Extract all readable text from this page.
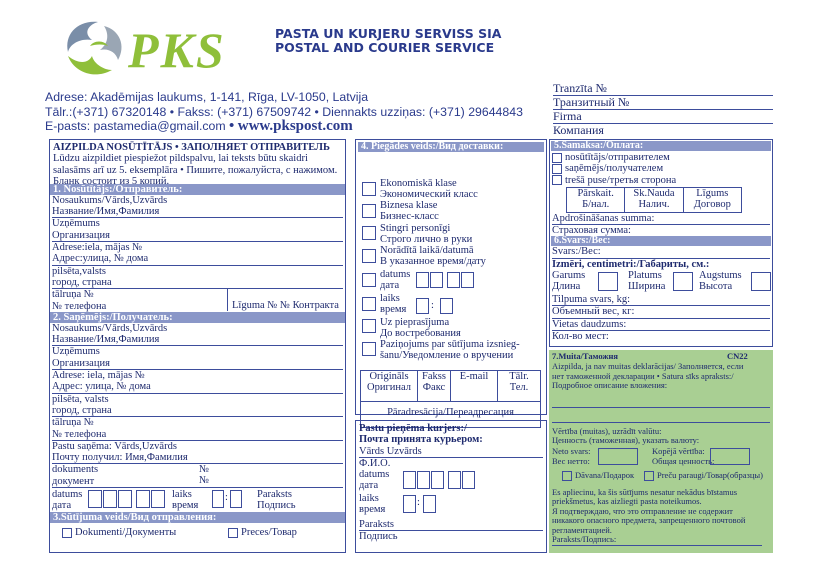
PKS	PASTA UN KURJERU SERVISS SIA
POSTAL AND COURIER SERVICE
Adrese: Akadēmijas laukums, 1-141, Rīga, LV-1050, Latvija
Tālr.:(+371) 67320148 • Fakss: (+371) 67509742 • Diennakts uzziņas: (+371) 29644843
E-pasts: pastamedia@gmail.com • www.pkspost.com
Tranzīta №
Транзитный №
Firma
Компания
AIZPILDA NOSŪTĪTĀJS • ЗАПОЛНЯЕТ ОТПРАВИТЕЛЬ
Lūdzu aizpildiet piespiežot pildspalvu, lai teksts būtu skaidri
salasāms arī uz 5. eksemplāra • Пишите, пожалуйста, с нажимом.
Бланк состоит из 5 копий.
1. Nosūtītājs:/Отправитель:
Nosaukums/Vārds,Uzvārds
Название/Имя,Фамилия
Uzņēmums
Организация
Adrese:iela, mājas №
Адрес:улица, № дома
pilsēta,valsts
город, страна
tālruņa №
№ телефона	Līguma № № Контракта
2. Saņēmējs:/Получатель:
Nosaukums/Vārds,Uzvārds
Название/Имя,Фамилия
Uzņēmums
Организация
Adrese: iela, mājas №
Адрес: улица, № дома
pilsēta, valsts
город, страна
tālruņa №
№ телефона
Pastu saņēma: Vārds,Uzvārds
Почту получил: Имя,Фамилия
dokuments
документ
№
№
datums
дата
laiks
время
:	Paraksts
Подпись
3.Sūtījuma veids/Вид отправления:
Dokumenti/Документы	Preces/Товар
4. Piegādes veids:/Вид доставки:
Ekonomiskā klase
Экономический класс
Biznesa klase
Бизнес-класс
Stingri personīgi
Строго лично в руки
Norādītā laikā/datumā
В указанное время/дату
datums
дата
laiks
время :
Uz pieprasījuma
До востребования
Paziņojums par sūtījuma izsnieg-
šanu/Уведомление о вручении
Origināls
Оригинал
Fakss
Факс
E-mail	Tālr.
Тел.
Pāradresācija/Переадресация
Pastu pieņēma kurjers:/
Почта принята курьером:
Vārds Uzvārds
Ф.И.О.
datums
дата
laiks
время
:
Paraksts
Подпись
5.Samaksa:/Оплата:
nosūtītājs/отправителем
saņēmējs/получателем
trešā puse/третья сторона
Pārskait.
Б/нал.
Sk.Nauda
Налич.
Līgums
Договор
Apdrošināšanas summa:
Страховая сумма:
6.Svars:/Вес:
Svars:/Вес:
Izmēri, centimetri:/Габариты, см.:
Garums
Длина
Platums
Ширина
Augstums
Высота
Tilpuma svars, kg:
Объемный вес, кг:
Vietas daudzums:
Кол-во мест:
7.Muita/Таможня	CN22
Aizpilda, ja nav muitas deklarācijas/ Заполняется, если
нет таможенной декларации • Satura sīks apraksts:/
Подробное описание вложения:
Vērtība (muitas), uzrādīt valūtu:
Ценность (таможенная), указать валюту:
Neto svars:
Вес нетто:
Kopējā vērtība:
Общая ценность:
Dāvana/Подарок	Preču paraugi/Товар(образцы)
Es apliecinu, ka šis sūtījums nesatur nekādus bīstamus
priekšmetus, kas aizliegti pasta noteikumos.
Я подтверждаю, что это отправление не содержит
никакого опасного предмета, запрещенного почтовой
регламентацией.
Paraksts/Подпись:
